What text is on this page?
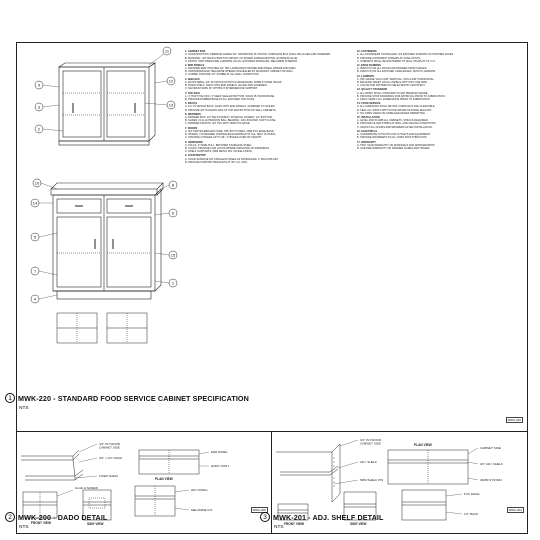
11
12
13
9
3
2
10
14
5
7
4
8
6
15
1
1. CABINET BOX
A. CONSTRUCTION: PREMIUM GRADE 3/4" HARDWOOD PLYWOOD, COMPLETE BOX SHALL BE GLUED AND SCREWED.
B. MATERIAL: 3/4" BALTIC BIRCH PLYWOOD, NO BOARD FORMALDEHYDE, EXTERIOR GLUE.
C. FINISH: HIGH PRESSURE LAMINATE ON ALL EXPOSED SURFACES, MELAMINE INTERIOR.
2. END PANELS
A. FINISHED END: PROVIDE 3/4" HPL LAMINATED FINISHED END PANEL WHERE EXPOSED.
B. UNFINISHED END: MELAMINE WHERE CONCEALED BY ADJACENT CABINET OR WALL.
C. SCRIBE: PROVIDE 1/2" SCRIBE AT ALL WALL CONDITIONS.
3. SHELVES
A. ADJUSTABLE: 3/4" PLYWOOD WITH PVC EDGE BAND, 32MM SYSTEM HOLES.
B. FIXED SHELF: DADO INTO END PANELS, GLUED AND SCREWED.
C. MAXIMUM SPAN 36" WITHOUT INTERMEDIATE SUPPORT.
4. TOE KICK
A. 4" HIGH TOE KICK, 3" DEEP, SEALED BOTTOM, SOLID PLYWOOD BASE.
B. PROVIDE RUBBER BASE AT ALL EXPOSED TOE KICKS.
5. BACKS
A. 1/2" PLYWOOD BACK, DADO INTO END PANELS, SCREWED TO NAILER.
B. PROVIDE 3/4" HANGING RAIL AT TOP AND BOTTOM OF WALL CABINETS.
6. DRAWERS
A. DRAWER BOX: 1/2" BALTIC BIRCH, DOVETAIL JOINERY, 1/4" BOTTOM.
B. SLIDES: FULL EXTENSION BALL BEARING, 100 LB RATED, SOFT CLOSE.
C. DRAWER FRONTS: 3/4" HPL WITH 3MM PVC EDGE.
7. DOORS
A. 3/4" PARTICLEBOARD CORE, HPL BOTH SIDES, 3MM PVC EDGE BAND.
B. HINGES: 170 DEGREE CONCEALED EUROPEAN STYLE, SELF CLOSING.
C. PROVIDE 2 HINGES UP TO 36", 3 HINGES OVER 36" HEIGHT.
8. HARDWARE
A. PULLS: 4" WIRE PULL, BRUSHED STAINLESS STEEL.
B. LOCKS: PROVIDE CAM LOCKS WHERE INDICATED ON DRAWINGS.
C. SHELF SUPPORTS: 5MM METAL PIN, NICKEL FINISH.
9. COUNTERTOP
A. SOLID SURFACE OR STAINLESS STEEL AS SCHEDULED, 4" BACKSPLASH.
B. PROVIDE SUPPORT BRACKETS AT 36" O.C. MAX.
10. FASTENERS
A. ALL FASTENERS CONCEALED, NO EXPOSED SCREWS ON FINISHED FACES.
B. PROVIDE CONFIRMAT SCREWS AT CASE JOINTS.
C. CABINETS SHALL BE ANCHORED TO WALL STUDS AT 16" O.C.
11. EDGE BANDING
A. 3MM PVC ON ALL DOOR AND DRAWER FRONT EDGES.
B. 1MM PVC ON ALL EXPOSED CASE EDGES, MATCH LAMINATE.
12. LAMINATE
A. HPL GRADE VGS 0.028" VERTICAL, HGS 0.048" HORIZONTAL.
B. BALANCE SHEET ON ALL PANELS WITH HPL ONE SIDE.
C. COLOR AND PATTERN AS SELECTED BY ARCHITECT.
13. QUALITY STANDARD
A. ALL WORK SHALL CONFORM TO AWI PREMIUM GRADE.
B. PROVIDE SHOP DRAWINGS FOR APPROVAL PRIOR TO FABRICATION.
C. FIELD VERIFY ALL DIMENSIONS PRIOR TO FABRICATION.
14. FOOD SERVICE
A. ALL SURFACES SHALL BE NSF COMPLIANT AND CLEANABLE.
B. SEAL ALL JOINTS WITH FOOD GRADE SILICONE SEALANT.
C. NO OPEN GRAIN OR UNSEALED EDGES PERMITTED.
15. INSTALLATION
A. LEVEL AND PLUMB ALL CABINETS, SHIM AS REQUIRED.
B. PROVIDE FILLER STRIPS AT WALL AND CEILING CONDITIONS.
C. ADJUST ALL DOORS AND DRAWERS AFTER INSTALLATION.
16. ELECTRICAL
A. COORDINATE CUTOUTS FOR OUTLETS AND EQUIPMENT.
B. PROVIDE GROMMETS AT ALL CORD PASS THROUGHS.
17. WARRANTY
A. TWO YEAR WARRANTY ON MATERIALS AND WORKMANSHIP.
B. LIFETIME WARRANTY ON DRAWER SLIDES AND HINGES.
MWK-220
1 MWK-220 - STANDARD FOOD SERVICE CABINET SPECIFICATION
NTS
3/4" PLYWOOD
CABINET SIDE
3/4" x 1/4" DADO
FIXED SHELF
GLUE & SCREW
END PANEL
DADO JOINT
HPL FINISH
MELAMINE INT.
FRONT VIEW	SIDE VIEW
PLAN VIEW
MWK-200
2 MWK-200 - DADO DETAIL
NTS
3/4" PLYWOOD
CABINET SIDE
ADJ. SHELF
5MM SHELF PIN
CABINET SIDE
3/4" ADJ. SHELF
32MM SYSTEM
PVC EDGE
1/2" BACK
FRONT VIEW	SIDE VIEW
PLAN VIEW
MWK-201
3 MWK-201 - ADJ. SHELF DETAIL
NTS
